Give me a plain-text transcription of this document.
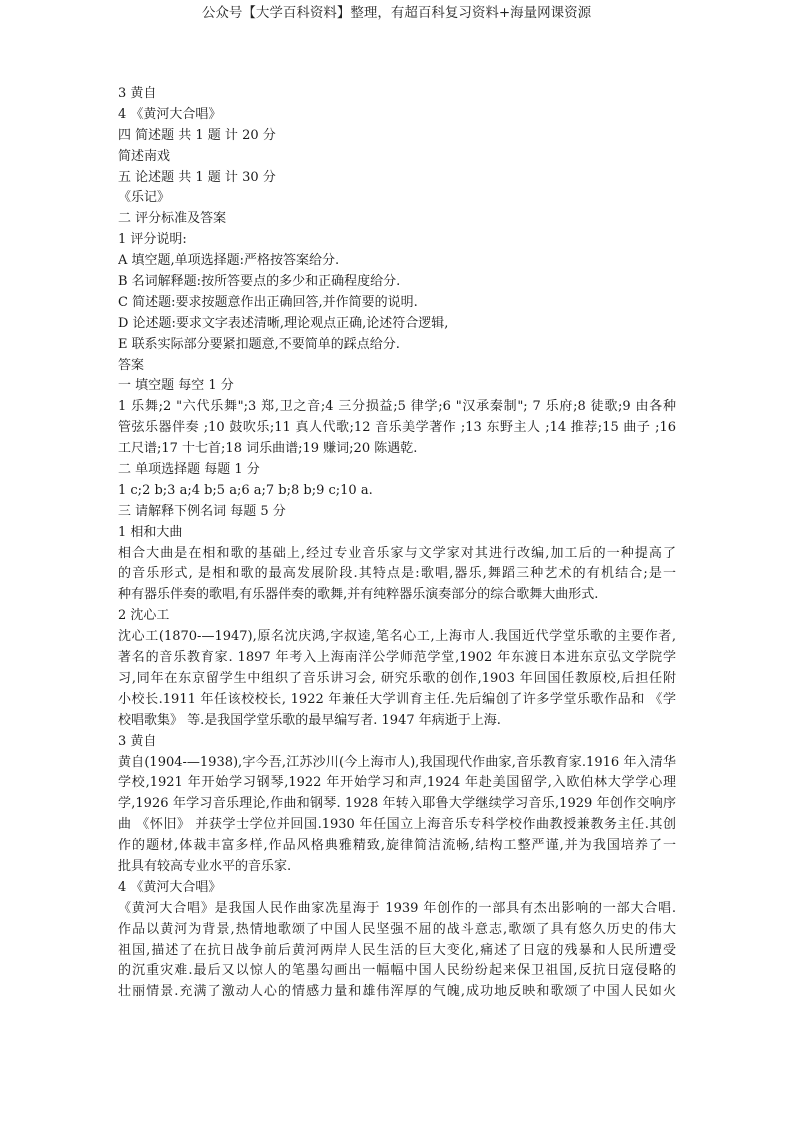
公众号【大学百科资料】整理，有超百科复习资料+海量网课资源
3 黄自
4 《黄河大合唱》
四 简述题 共 1 题 计 20 分
简述南戏
五 论述题 共 1 题 计 30 分
《乐记》
二 评分标准及答案
1 评分说明:
A 填空题,单项选择题:严格按答案给分.
B 名词解释题:按所答要点的多少和正确程度给分.
C 简述题:要求按题意作出正确回答,并作简要的说明.
D 论述题:要求文字表述清晰,理论观点正确,论述符合逻辑,
E 联系实际部分要紧扣题意,不要简单的踩点给分.
答案
一 填空题 每空 1 分
1 乐舞;2 "六代乐舞";3 郑,卫之音;4 三分损益;5 律学;6 "汉承秦制"; 7 乐府;8 徒歌;9 由各种
管弦乐器伴奏 ;10 鼓吹乐;11 真人代歌;12 音乐美学著作 ;13 东野主人 ;14 推荐;15 曲子 ;16
工尺谱;17 十七首;18 词乐曲谱;19 赚词;20 陈遇乾.
二 单项选择题 每题 1 分
1 c;2 b;3 a;4 b;5 a;6 a;7 b;8 b;9 c;10 a.
三 请解释下例名词 每题 5 分
1 相和大曲
相合大曲是在相和歌的基础上,经过专业音乐家与文学家对其进行改编,加工后的一种提高了
的音乐形式, 是相和歌的最高发展阶段.其特点是:歌唱,器乐,舞蹈三种艺术的有机结合;是一
种有器乐伴奏的歌唱,有乐器伴奏的歌舞,并有纯粹器乐演奏部分的综合歌舞大曲形式.
2 沈心工
沈心工(1870-—1947),原名沈庆鸿,字叔逵,笔名心工,上海市人.我国近代学堂乐歌的主要作者,
著名的音乐教育家. 1897 年考入上海南洋公学师范学堂,1902 年东渡日本进东京弘文学院学
习,同年在东京留学生中组织了音乐讲习会, 研究乐歌的创作,1903 年回国任教原校,后担任附
小校长.1911 年任该校校长, 1922 年兼任大学训育主任.先后编创了许多学堂乐歌作品和 《学
校唱歌集》 等.是我国学堂乐歌的最早编写者. 1947 年病逝于上海.
3 黄自
黄自(1904-—1938),字今吾,江苏沙川(今上海市人),我国现代作曲家,音乐教育家.1916 年入清华
学校,1921 年开始学习钢琴,1922 年开始学习和声,1924 年赴美国留学,入欧伯林大学学心理
学,1926 年学习音乐理论,作曲和钢琴. 1928 年转入耶鲁大学继续学习音乐,1929 年创作交响序
曲 《怀旧》 并获学士学位并回国.1930 年任国立上海音乐专科学校作曲教授兼教务主任.其创
作的题材,体裁丰富多样,作品风格典雅精致,旋律简洁流畅,结构工整严谨,并为我国培养了一
批具有较高专业水平的音乐家.
4 《黄河大合唱》
《黄河大合唱》是我国人民作曲家冼星海于 1939 年创作的一部具有杰出影响的一部大合唱.
作品以黄河为背景,热情地歌颂了中国人民坚强不屈的战斗意志,歌颂了具有悠久历史的伟大
祖国,描述了在抗日战争前后黄河两岸人民生活的巨大变化,痛述了日寇的残暴和人民所遭受
的沉重灾难.最后又以惊人的笔墨勾画出一幅幅中国人民纷纷起来保卫祖国,反抗日寇侵略的
壮丽情景.充满了激动人心的情感力量和雄伟浑厚的气魄,成功地反映和歌颂了中国人民如火
